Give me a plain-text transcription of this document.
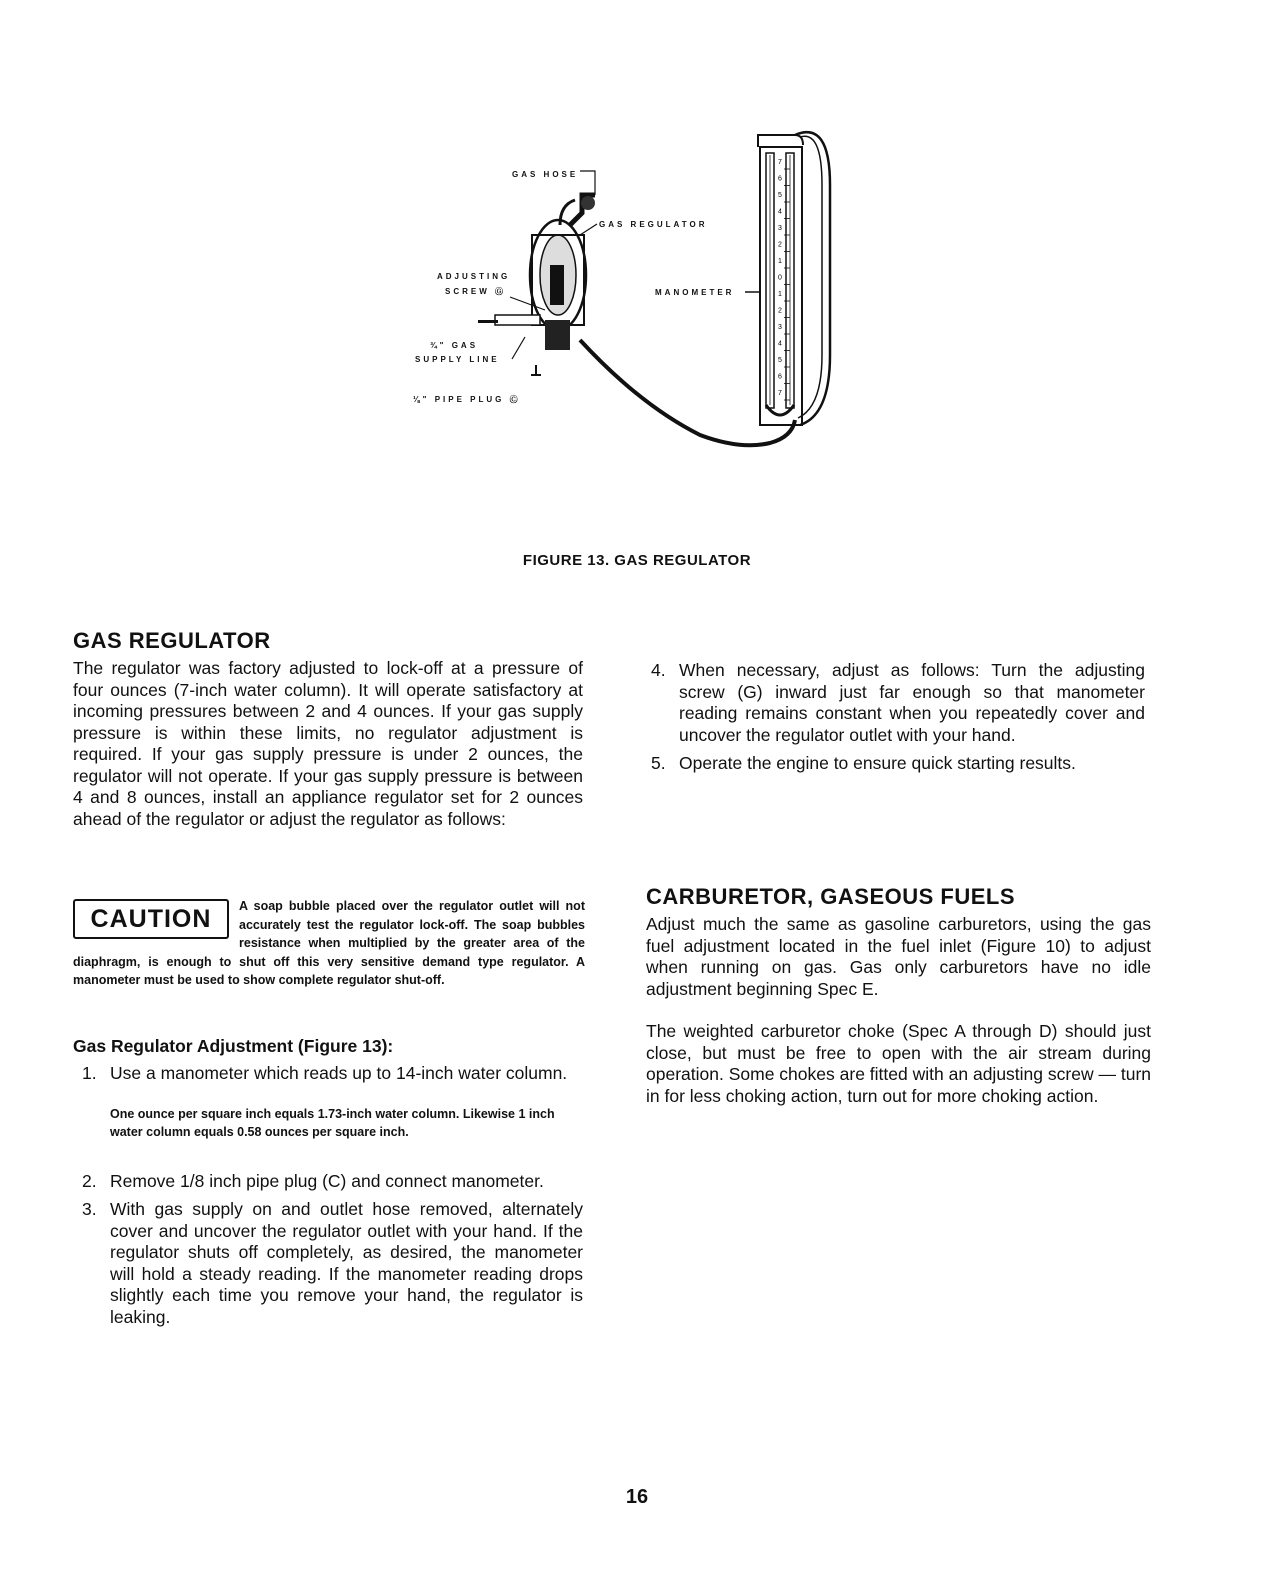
7
6
5
4
3
2
1
0
1
2
3
4
5
6
7
GAS HOSE
GAS REGULATOR
ADJUSTING
SCREW Ⓖ	MANOMETER
¾" GAS
SUPPLY LINE
⅛" PIPE PLUG Ⓒ
FIGURE 13. GAS REGULATOR
GAS REGULATOR

The regulator was factory adjusted to lock-off at a pressure of four ounces (7-inch water column). It will operate satisfactory at incoming pressures between 2 and 4 ounces. If your gas supply pressure is within these limits, no regulator adjustment is required. If your gas supply pressure is under 2 ounces, the regulator will not operate. If your gas supply pressure is between 4 and 8 ounces, install an appliance regulator set for 2 ounces ahead of the regulator or adjust the regulator as follows:

CAUTION	A soap bubble placed over the regulator outlet will not accurately test the regulator lock-off. The soap bubbles resistance when multiplied by the greater area of the diaphragm, is enough to shut off this very sensitive demand type regulator. A manometer must be used to show complete regulator shut-off.

Gas Regulator Adjustment (Figure 13):
1. Use a manometer which reads up to 14-inch water column.

One ounce per square inch equals 1.73-inch water column. Likewise 1 inch water column equals 0.58 ounces per square inch.

2. Remove 1/8 inch pipe plug (C) and connect manometer.
3. With gas supply on and outlet hose removed, alternately cover and uncover the regulator outlet with your hand. If the regulator shuts off completely, as desired, the manometer will hold a steady reading. If the manometer reading drops slightly each time you remove your hand, the regulator is leaking.
4. When necessary, adjust as follows: Turn the adjusting screw (G) inward just far enough so that manometer reading remains constant when you repeatedly cover and uncover the regulator outlet with your hand.
5. Operate the engine to ensure quick starting results.
CARBURETOR, GASEOUS FUELS

Adjust much the same as gasoline carburetors, using the gas fuel adjustment located in the fuel inlet (Figure 10) to adjust when running on gas. Gas only carburetors have no idle adjustment beginning Spec E.

The weighted carburetor choke (Spec A through D) should just close, but must be free to open with the air stream during operation. Some chokes are fitted with an adjusting screw — turn in for less choking action, turn out for more choking action.

16
